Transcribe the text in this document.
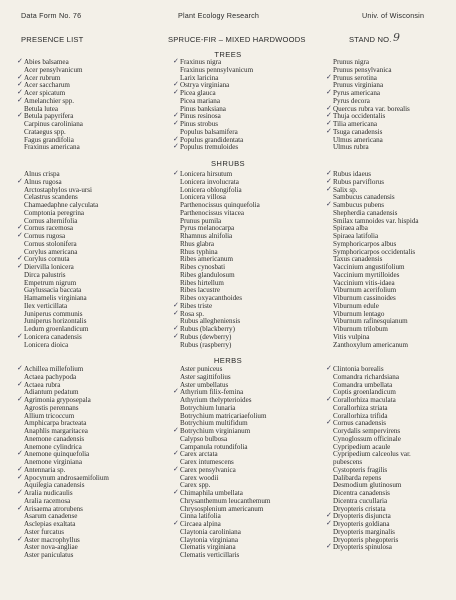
Data Form No. 76	Plant Ecology Research	Univ. of Wisconsin
PRESENCE LIST	SPRUCE-FIR – MIXED HARDWOODS	STAND NO. 9
TREES
SHRUBS
HERBS
✓ Abies balsamea
Acer pensylvanicum
✓ Acer rubrum
✓ Acer saccharum
✓ Acer spicatum
✓ Amelanchier spp.
Betula lutea
✓ Betula papyrifera
Carpinus caroliniana
Crataegus spp.
Fagus grandifolia
Fraxinus americana
✓ Fraxinus nigra
Fraxinus pennsylvanicum
Larix laricina
✓ Ostrya virginiana
✓ Picea glauca
Picea mariana
Pinus banksiana
✓ Pinus resinosa
✓ Pinus strobus
Populus balsamifera
✓ Populus grandidentata
✓ Populus tremuloides
Prunus nigra
Prunus pensylvanica
✓ Prunus serotina
Prunus virginiana
✓ Pyrus americana
Pyrus decora
✓ Quercus rubra var. borealis
✓ Thuja occidentalis
✓ Tilia americana
✓ Tsuga canadensis
Ulmus americana
Ulmus rubra
Alnus crispa
✓ Alnus rugosa
Arctostaphylos uva-ursi
Celastrus scandens
Chamaedaphne calyculata
Comptonia peregrina
Cornus alternifolia
✓ Cornus racemosa
✓ Cornus rugosa
Cornus stolonifera
Corylus americana
✓ Corylus cornuta
✓ Diervilla lonicera
Dirca palustris
Empetrum nigrum
Gaylussacia baccata
Hamamelis virginiana
Ilex verticillata
Juniperus communis
Juniperus horizontalis
Ledum groenlandicum
✓ Lonicera canadensis
Lonicera dioica
✓ Lonicera hirsutum
Lonicera involucrata
Lonicera oblongifolia
Lonicera villosa
Parthenocissus quinquefolia
Parthenocissus vitacea
Prunus pumila
Pyrus melanocarpa
Rhamnus alnifolia
Rhus glabra
Rhus typhina
Ribes americanum
Ribes cynosbati
Ribes glandulosum
Ribes hirtellum
Ribes lacustre
Ribes oxyacanthoides
✓ Ribes triste
✓ Rosa sp.
Rubus allegheniensis
✓ Rubus (blackberry)
✓ Rubus (dewberry)
Rubus (raspberry)
✓ Rubus idaeus
✓ Rubus parviflorus
✓ Salix sp.
Sambucus canadensis
✓ Sambucus pubens
Shepherdia canadensis
Smilax tamnoides var. hispida
Spiraea alba
Spiraea latifolia
Symphoricarpos albus
Symphoricarpos occidentalis
Taxus canadensis
Vaccinium angustifolium
Vaccinium myrtilloides
Vaccinium vitis-idaea
Viburnum acerifolium
Viburnum cassinoides
Viburnum edule
Viburnum lentago
Viburnum rafinesquianum
Viburnum trilobum
Vitis vulpina
Zanthoxylum americanum
✓ Achillea millefolium
Actaea pachypoda
✓ Actaea rubra
Adiantum pedatum
✓ Agrimonia gryposepala
Agrostis perennans
Allium tricoccum
Amphicarpa bracteata
Anaphlis margaritacea
Anemone canadensis
Anemone cylindrica
✓ Anemone quinquefolia
Anemone virginiana
✓ Antennaria sp.
✓ Apocynum androsaemifolium
Aquilegia canadensis
✓ Aralia nudicaulis
Aralia racemosa
✓ Arisaema atrorubens
Asarum canadense
Asclepias exaltata
Aster furcatus
✓ Aster macrophyllus
Aster nova-angliae
Aster paniculatus
Aster puniceus
Aster sagittifolius
Aster umbellatus
✓ Athyrium filix-femina
Athyrium thelypterioides
Botrychium lunaria
Botrychium matricariaefolium
Botrychium multifidum
✓ Botrychium virginianum
Calypso bulbosa
Campanula rotundifolia
✓ Carex arctata
Carex intumescens
✓ Carex pensylvanica
Carex woodii
Carex spp.
✓ Chimaphila umbellata
Chrysanthemum leucanthemum
Chrysosplenium americanum
Cinna latifolia
✓ Circaea alpina
Claytonia caroliniana
Claytonia virginiana
Clematis virginiana
Clematis verticillaris
✓ Clintonia borealis
Comandra richardsiana
Comandra umbellata
Coptis groenlandicum
✓ Corallorhiza maculata
Corallorhiza striata
Corallorhiza trifida
✓ Cornus canadensis
Corydalis sempervirens
Cynoglossum officinale
Cypripedium acaule
Cypripedium calceolus var.
pubescens
Cystopteris fragilis
Dalibarda repens
Desmodium glutinosum
Dicentra canadensis
Dicentra cucullaria
Dryopteris cristata
✓ Dryopteris disjuncta
✓ Dryopteris goldiana
Dryopteris marginalis
Dryopteris phegopteris
✓ Dryopteris spinulosa
